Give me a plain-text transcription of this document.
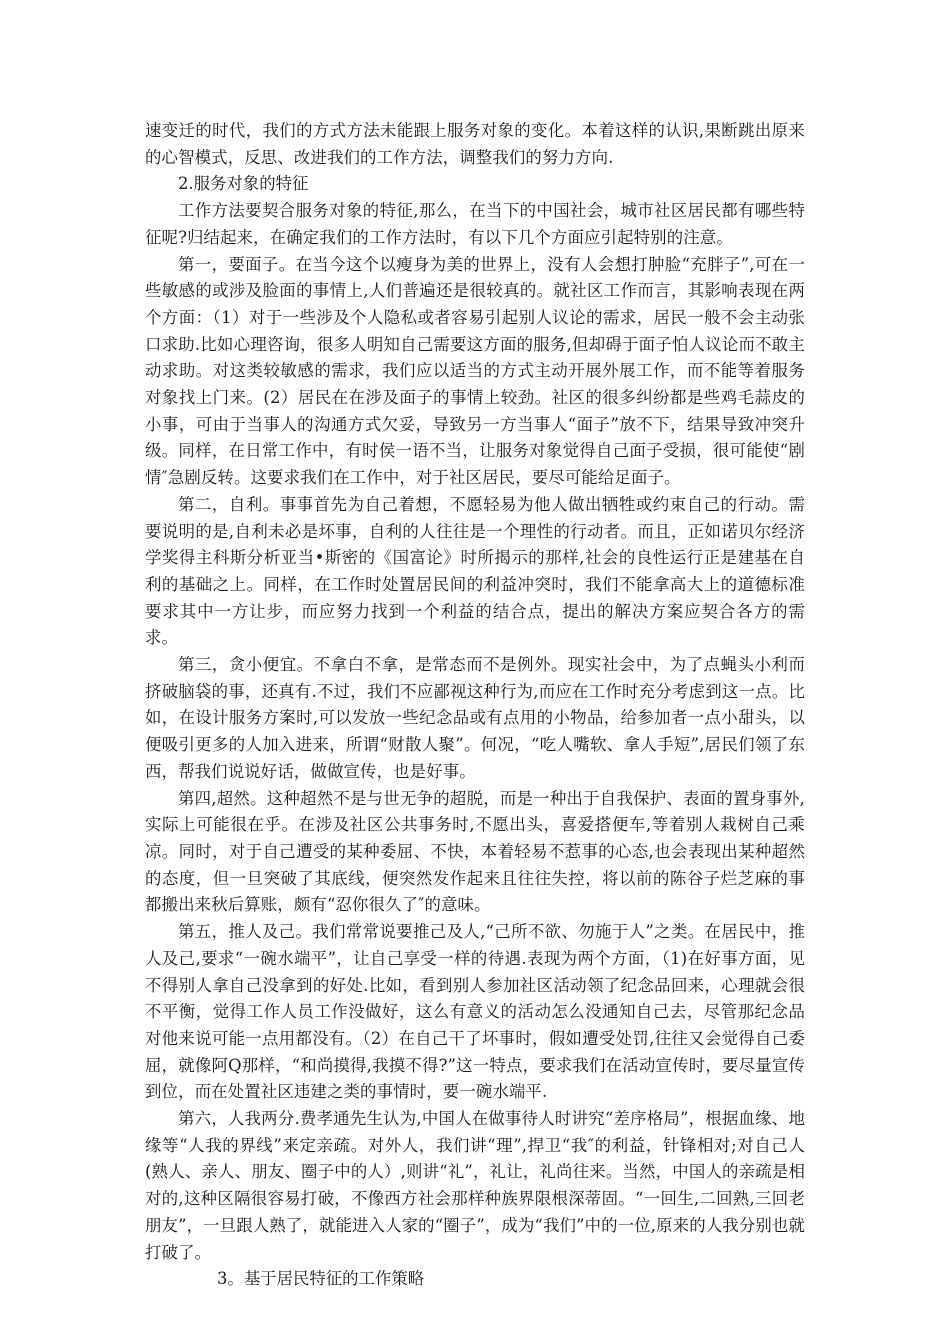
速变迁的时代，我们的方式方法未能跟上服务对象的变化。本着这样的认识,果断跳出原来的心智模式，反思、改进我们的工作方法，调整我们的努力方向.

2.服务对象的特征

工作方法要契合服务对象的特征,那么，在当下的中国社会，城市社区居民都有哪些特征呢?归结起来，在确定我们的工作方法时，有以下几个方面应引起特别的注意。

第一，要面子。在当今这个以瘦身为美的世界上，没有人会想打肿脸“充胖子”,可在一些敏感的或涉及脸面的事情上,人们普遍还是很较真的。就社区工作而言，其影响表现在两个方面：（1）对于一些涉及个人隐私或者容易引起别人议论的需求，居民一般不会主动张口求助.比如心理咨询，很多人明知自己需要这方面的服务,但却碍于面子怕人议论而不敢主动求助。对这类较敏感的需求，我们应以适当的方式主动开展外展工作，而不能等着服务对象找上门来。(2）居民在在涉及面子的事情上较劲。社区的很多纠纷都是些鸡毛蒜皮的小事，可由于当事人的沟通方式欠妥，导致另一方当事人“面子”放不下，结果导致冲突升级。同样，在日常工作中，有时侯一语不当，让服务对象觉得自己面子受损，很可能使“剧情″急剧反转。这要求我们在工作中，对于社区居民，要尽可能给足面子。

第二，自利。事事首先为自己着想，不愿轻易为他人做出牺牲或约束自己的行动。需要说明的是,自利未必是坏事，自利的人往往是一个理性的行动者。而且，正如诺贝尔经济学奖得主科斯分析亚当•斯密的《国富论》时所揭示的那样,社会的良性运行正是建基在自利的基础之上。同样，在工作时处置居民间的利益冲突时，我们不能拿高大上的道德标准要求其中一方让步，而应努力找到一个利益的结合点，提出的解决方案应契合各方的需求。

第三，贪小便宜。不拿白不拿，是常态而不是例外。现实社会中，为了点蝇头小利而挤破脑袋的事，还真有.不过，我们不应鄙视这种行为,而应在工作时充分考虑到这一点。比如，在设计服务方案时,可以发放一些纪念品或有点用的小物品，给参加者一点小甜头，以便吸引更多的人加入进来，所谓“财散人聚”。何况，“吃人嘴软、拿人手短”,居民们领了东西，帮我们说说好话，做做宣传，也是好事。

第四,超然。这种超然不是与世无争的超脱，而是一种出于自我保护、表面的置身事外,实际上可能很在乎。在涉及社区公共事务时,不愿出头，喜爱搭便车,等着别人栽树自己乘凉。同时，对于自己遭受的某种委屈、不快，本着轻易不惹事的心态,也会表现出某种超然的态度，但一旦突破了其底线，便突然发作起来且往往失控，将以前的陈谷子烂芝麻的事都搬出来秋后算账，颇有“忍你很久了″的意味。

第五，推人及己。我们常常说要推己及人,“己所不欲、勿施于人”之类。在居民中，推人及己,要求“一碗水端平”，让自己享受一样的待遇.表现为两个方面，（1)在好事方面，见不得别人拿自己没拿到的好处.比如，看到别人参加社区活动领了纪念品回来，心理就会很不平衡，觉得工作人员工作没做好，这么有意义的活动怎么没通知自己去，尽管那纪念品对他来说可能一点用都没有。（2）在自己干了坏事时，假如遭受处罚,往往又会觉得自己委屈，就像阿Q那样，“和尚摸得,我摸不得?”这一特点，要求我们在活动宣传时，要尽量宣传到位，而在处置社区违建之类的事情时，要一碗水端平.

第六，人我两分.费孝通先生认为,中国人在做事待人时讲究“差序格局”，根据血缘、地缘等“人我的界线”来定亲疏。对外人，我们讲“理”,捍卫“我″的利益，针锋相对;对自己人(熟人、亲人、朋友、圈子中的人）,则讲“礼”，礼让，礼尚往来。当然，中国人的亲疏是相对的,这种区隔很容易打破，不像西方社会那样种族界限根深蒂固。“一回生,二回熟,三回老朋友”，一旦跟人熟了，就能进入人家的“圈子”，成为“我们”中的一位,原来的人我分别也就打破了。

3。基于居民特征的工作策略
